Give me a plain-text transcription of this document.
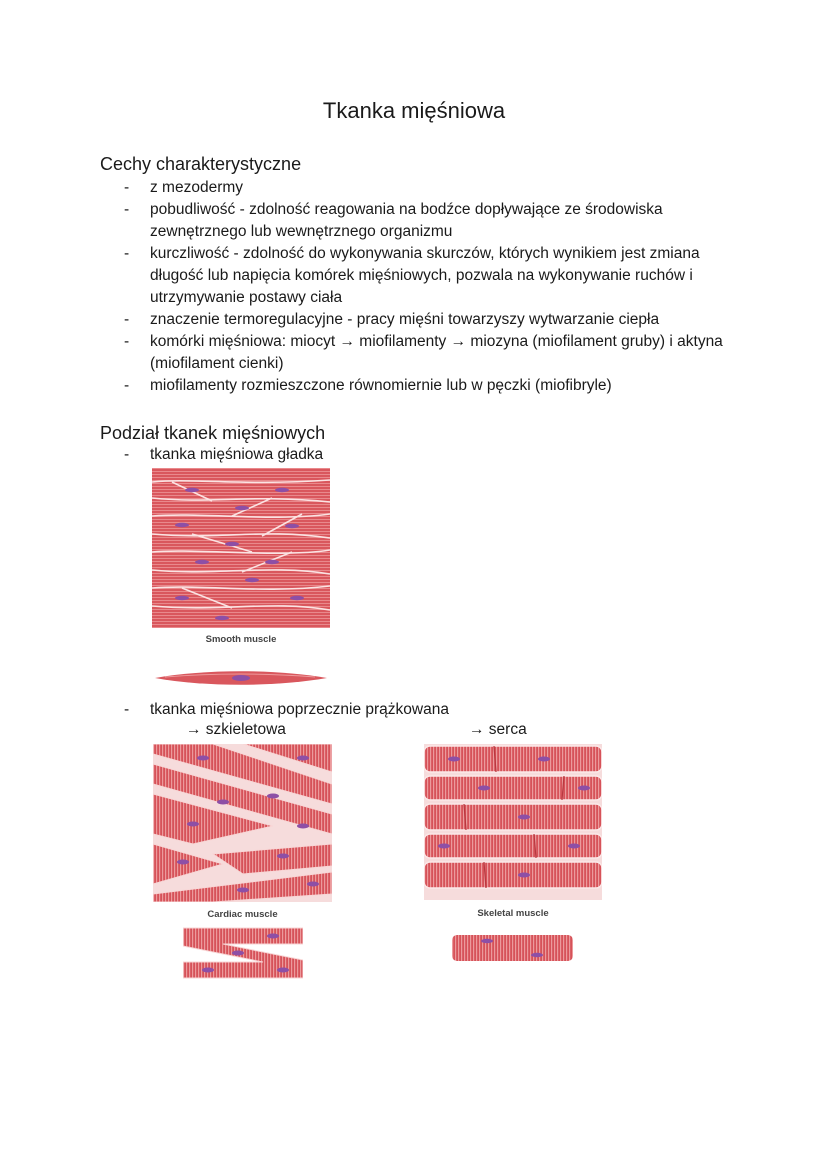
Tkanka mięśniowa
Cechy charakterystyczne
- z mezodermy
- pobudliwość - zdolność reagowania na bodźce dopływające ze środowiska zewnętrznego lub wewnętrznego organizmu
- kurczliwość - zdolność do wykonywania skurczów, których wynikiem jest zmiana długość lub napięcia komórek mięśniowych, pozwala na wykonywanie ruchów i utrzymywanie postawy ciała
- znaczenie termoregulacyjne - pracy mięśni towarzyszy wytwarzanie ciepła
- komórki mięśniowa: miocyt → miofilamenty → miozyna (miofilament gruby) i aktyna (miofilament cienki)
- miofilamenty rozmieszczone równomiernie lub w pęczki (miofibryle)
Podział tkanek mięśniowych
- tkanka mięśniowa gładka
Smooth muscle
- tkanka mięśniowa poprzecznie prążkowana
→ szkieletowa	→ serca
Cardiac muscle	Skeletal muscle
